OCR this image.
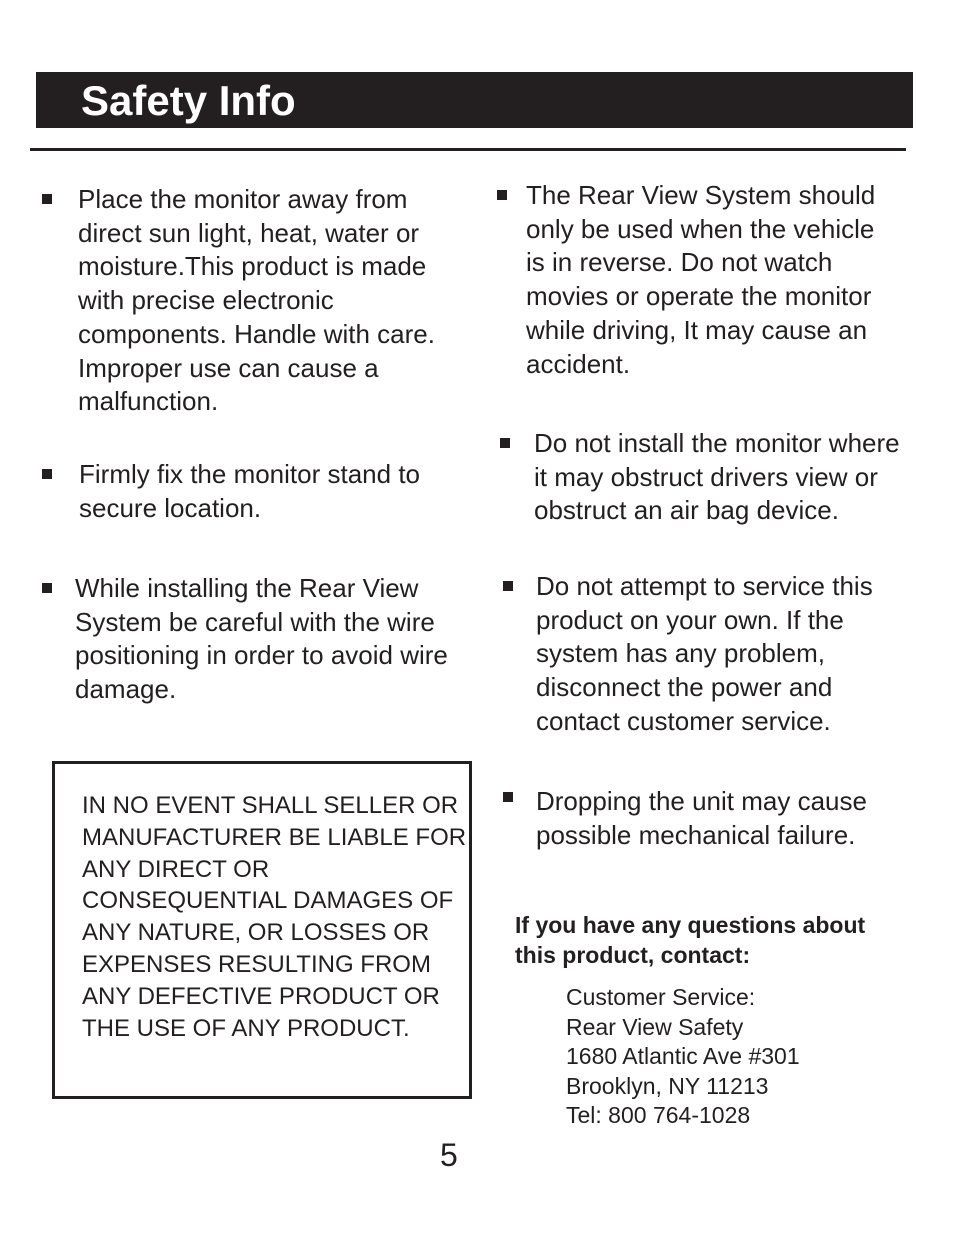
Safety Info
Place the monitor away from direct sun light, heat, water or moisture.This product is made with precise electronic components. Handle with care. Improper use can cause a malfunction.
Firmly fix the monitor stand to secure location.
While installing the Rear View System be careful with the wire positioning in order to avoid wire damage.
IN NO EVENT SHALL SELLER OR MANUFACTURER BE LIABLE FOR ANY DIRECT OR CONSEQUENTIAL DAMAGES OF ANY NATURE, OR LOSSES OR EXPENSES RESULTING FROM ANY DEFECTIVE PRODUCT OR THE USE OF ANY PRODUCT.
The Rear View System should only be used when the vehicle is in reverse. Do not watch movies or operate the monitor while driving, It may cause an accident.
Do not install the monitor where it may obstruct drivers view or obstruct an air bag device.
Do not attempt to service this product on your own. If the system has any problem, disconnect the power and contact customer service.
Dropping the unit may cause possible mechanical failure.
If you have any questions about this product, contact:
Customer Service:
Rear View Safety
1680 Atlantic Ave #301
Brooklyn, NY 11213
Tel: 800 764-1028
5
